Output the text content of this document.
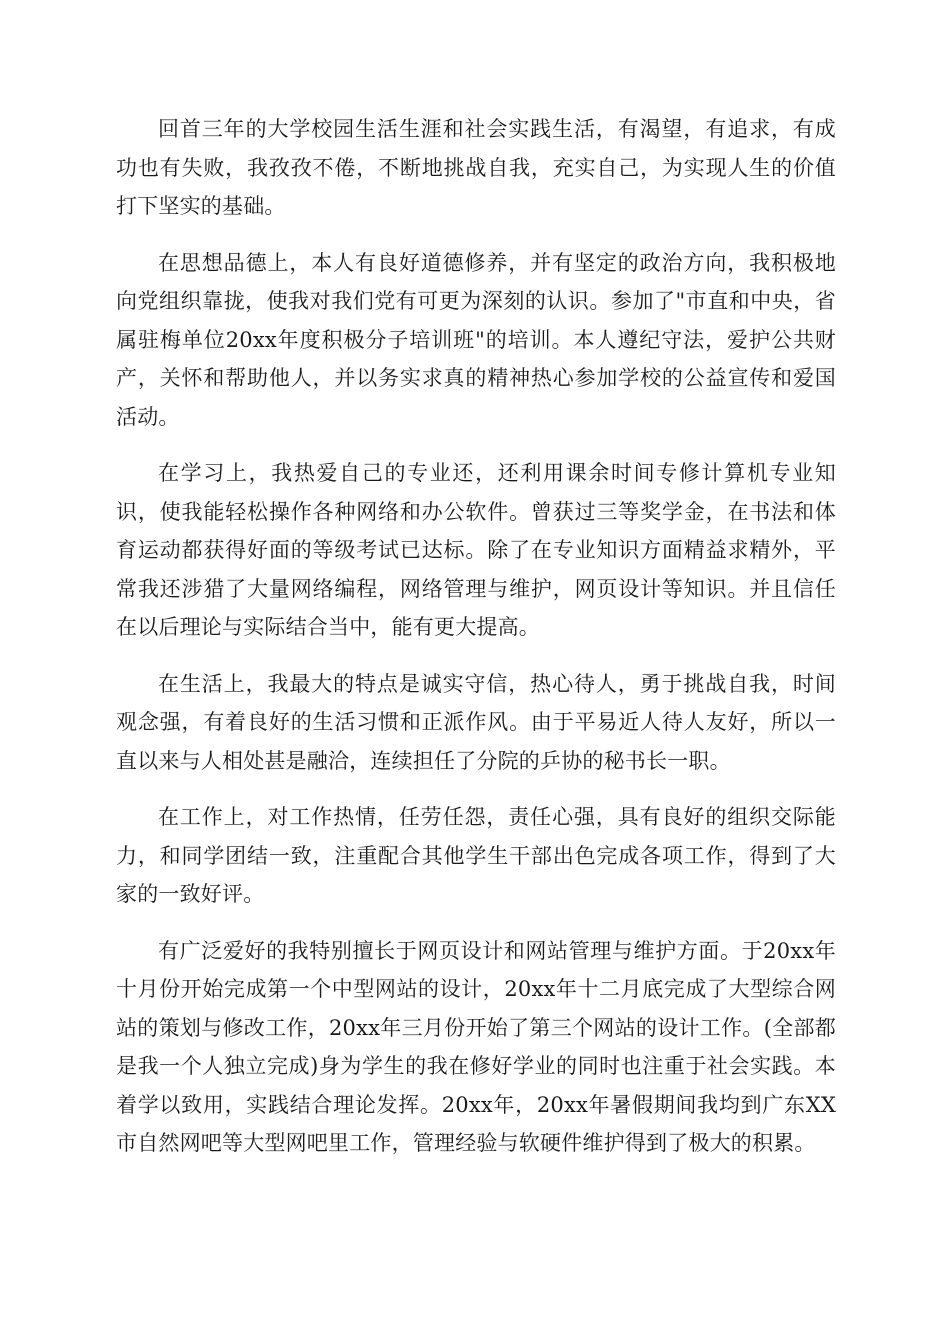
回首三年的大学校园生活生涯和社会实践生活，有渴望，有追求，有成功也有失败，我孜孜不倦，不断地挑战自我，充实自己，为实现人生的价值打下坚实的基础。

在思想品德上，本人有良好道德修养，并有坚定的政治方向，我积极地向党组织靠拢，使我对我们党有可更为深刻的认识。参加了"市直和中央，省属驻梅单位20xx年度积极分子培训班"的培训。本人遵纪守法，爱护公共财产，关怀和帮助他人，并以务实求真的精神热心参加学校的公益宣传和爱国活动。

在学习上，我热爱自己的专业还，还利用课余时间专修计算机专业知识，使我能轻松操作各种网络和办公软件。曾获过三等奖学金，在书法和体育运动都获得好面的等级考试已达标。除了在专业知识方面精益求精外，平常我还涉猎了大量网络编程，网络管理与维护，网页设计等知识。并且信任在以后理论与实际结合当中，能有更大提高。

在生活上，我最大的特点是诚实守信，热心待人，勇于挑战自我，时间观念强，有着良好的生活习惯和正派作风。由于平易近人待人友好，所以一直以来与人相处甚是融洽，连续担任了分院的乒协的秘书长一职。

在工作上，对工作热情，任劳任怨，责任心强，具有良好的组织交际能力，和同学团结一致，注重配合其他学生干部出色完成各项工作，得到了大家的一致好评。

有广泛爱好的我特别擅长于网页设计和网站管理与维护方面。于20xx年十月份开始完成第一个中型网站的设计，20xx年十二月底完成了大型综合网站的策划与修改工作，20xx年三月份开始了第三个网站的设计工作。(全部都是我一个人独立完成)身为学生的我在修好学业的同时也注重于社会实践。本着学以致用，实践结合理论发挥。20xx年，20xx年暑假期间我均到广东XX市自然网吧等大型网吧里工作，管理经验与软硬件维护得到了极大的积累。
